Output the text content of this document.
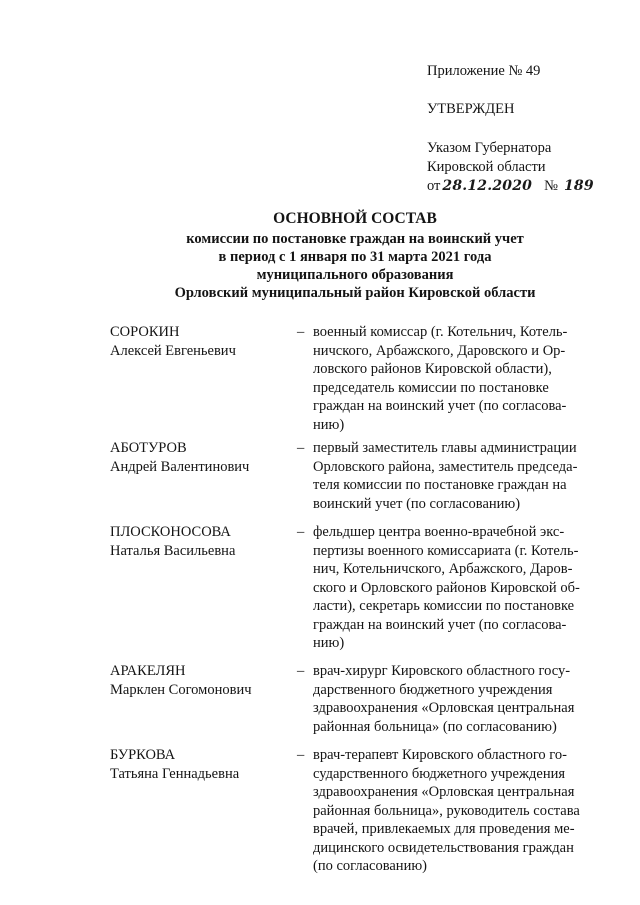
Приложение № 49
УТВЕРЖДЕН
Указом Губернатора
Кировской области
от 28.12.2020 № 189
ОСНОВНОЙ СОСТАВ
комиссии по постановке граждан на воинский учет
в период с 1 января по 31 марта 2021 года
муниципального образования
Орловский муниципальный район Кировской области
СОРОКИН
Алексей Евгеньевич
– военный комиссар (г. Котельнич, Котель-
ничского, Арбажского, Даровского и Ор-
ловского районов Кировской области),
председатель комиссии по постановке
граждан на воинский учет (по согласова-
нию)
АБОТУРОВ
Андрей Валентинович
– первый заместитель главы администрации
Орловского района, заместитель председа-
теля комиссии по постановке граждан на
воинский учет (по согласованию)
ПЛОСКОНОСОВА
Наталья Васильевна
– фельдшер центра военно-врачебной экс-
пертизы военного комиссариата (г. Котель-
нич, Котельничского, Арбажского, Даров-
ского и Орловского районов Кировской об-
ласти), секретарь комиссии по постановке
граждан на воинский учет (по согласова-
нию)
АРАКЕЛЯН
Марклен Согомонович
– врач-хирург Кировского областного госу-
дарственного бюджетного учреждения
здравоохранения «Орловская центральная
районная больница» (по согласованию)
БУРКОВА
Татьяна Геннадьевна
– врач-терапевт Кировского областного го-
сударственного бюджетного учреждения
здравоохранения «Орловская центральная
районная больница», руководитель состава
врачей, привлекаемых для проведения ме-
дицинского освидетельствования граждан
(по согласованию)
